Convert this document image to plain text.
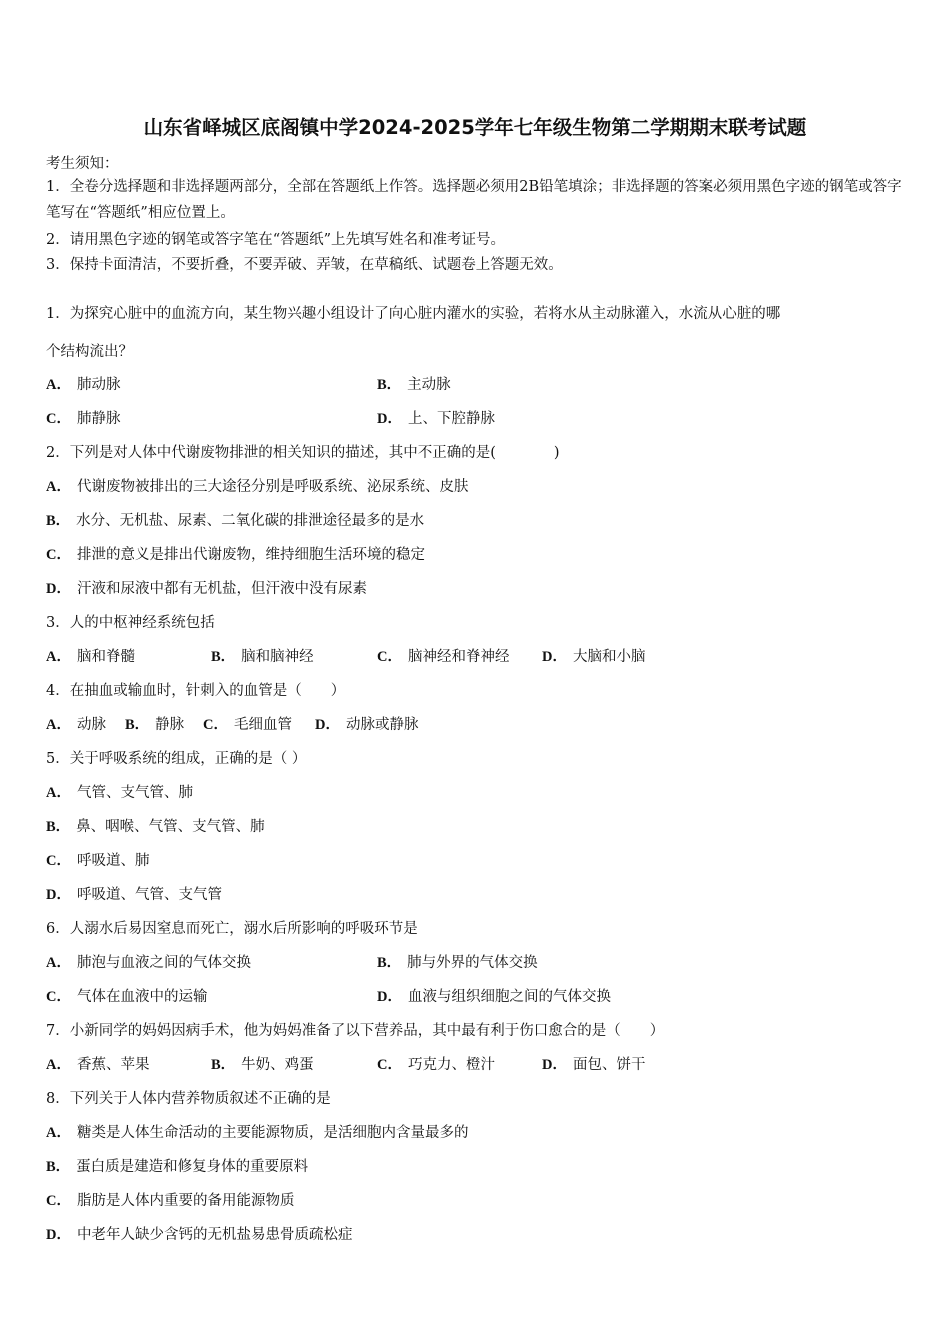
山东省峄城区底阁镇中学2024-2025学年七年级生物第二学期期末联考试题
考生须知：
1．全卷分选择题和非选择题两部分，全部在答题纸上作答。选择题必须用2B铅笔填涂；非选择题的答案必须用黑色字迹的钢笔或答字笔写在“答题纸”相应位置上。
2．请用黑色字迹的钢笔或答字笔在“答题纸”上先填写姓名和准考证号。
3．保持卡面清洁，不要折叠，不要弄破、弄皱，在草稿纸、试题卷上答题无效。
1．为探究心脏中的血流方向，某生物兴趣小组设计了向心脏内灌水的实验，若将水从主动脉灌入，水流从心脏的哪
个结构流出？
A． 肺动脉	B． 主动脉
C． 肺静脉	D． 上、下腔静脉
2．下列是对人体中代谢废物排泄的相关知识的描述，其中不正确的是(　　　　)
A． 代谢废物被排出的三大途径分别是呼吸系统、泌尿系统、皮肤
B． 水分、无机盐、尿素、二氧化碳的排泄途径最多的是水
C． 排泄的意义是排出代谢废物，维持细胞生活环境的稳定
D． 汗液和尿液中都有无机盐，但汗液中没有尿素
3．人的中枢神经系统包括
A． 脑和脊髓	B． 脑和脑神经	C． 脑神经和脊神经 D． 大脑和小脑
4．在抽血或输血时，针刺入的血管是（　　）
A． 动脉 B． 静脉 C． 毛细血管 D． 动脉或静脉
5．关于呼吸系统的组成，正确的是（ ）
A． 气管、支气管、肺
B． 鼻、咽喉、气管、支气管、肺
C． 呼吸道、肺
D． 呼吸道、气管、支气管
6．人溺水后易因窒息而死亡，溺水后所影响的呼吸环节是
A． 肺泡与血液之间的气体交换	B． 肺与外界的气体交换
C． 气体在血液中的运输	D． 血液与组织细胞之间的气体交换
7．小新同学的妈妈因病手术，他为妈妈准备了以下营养品，其中最有利于伤口愈合的是（　　）
A． 香蕉、苹果	B． 牛奶、鸡蛋	C． 巧克力、橙汁	D． 面包、饼干
8．下列关于人体内营养物质叙述不正确的是
A． 糖类是人体生命活动的主要能源物质，是活细胞内含量最多的
B． 蛋白质是建造和修复身体的重要原料
C． 脂肪是人体内重要的备用能源物质
D． 中老年人缺少含钙的无机盐易患骨质疏松症
